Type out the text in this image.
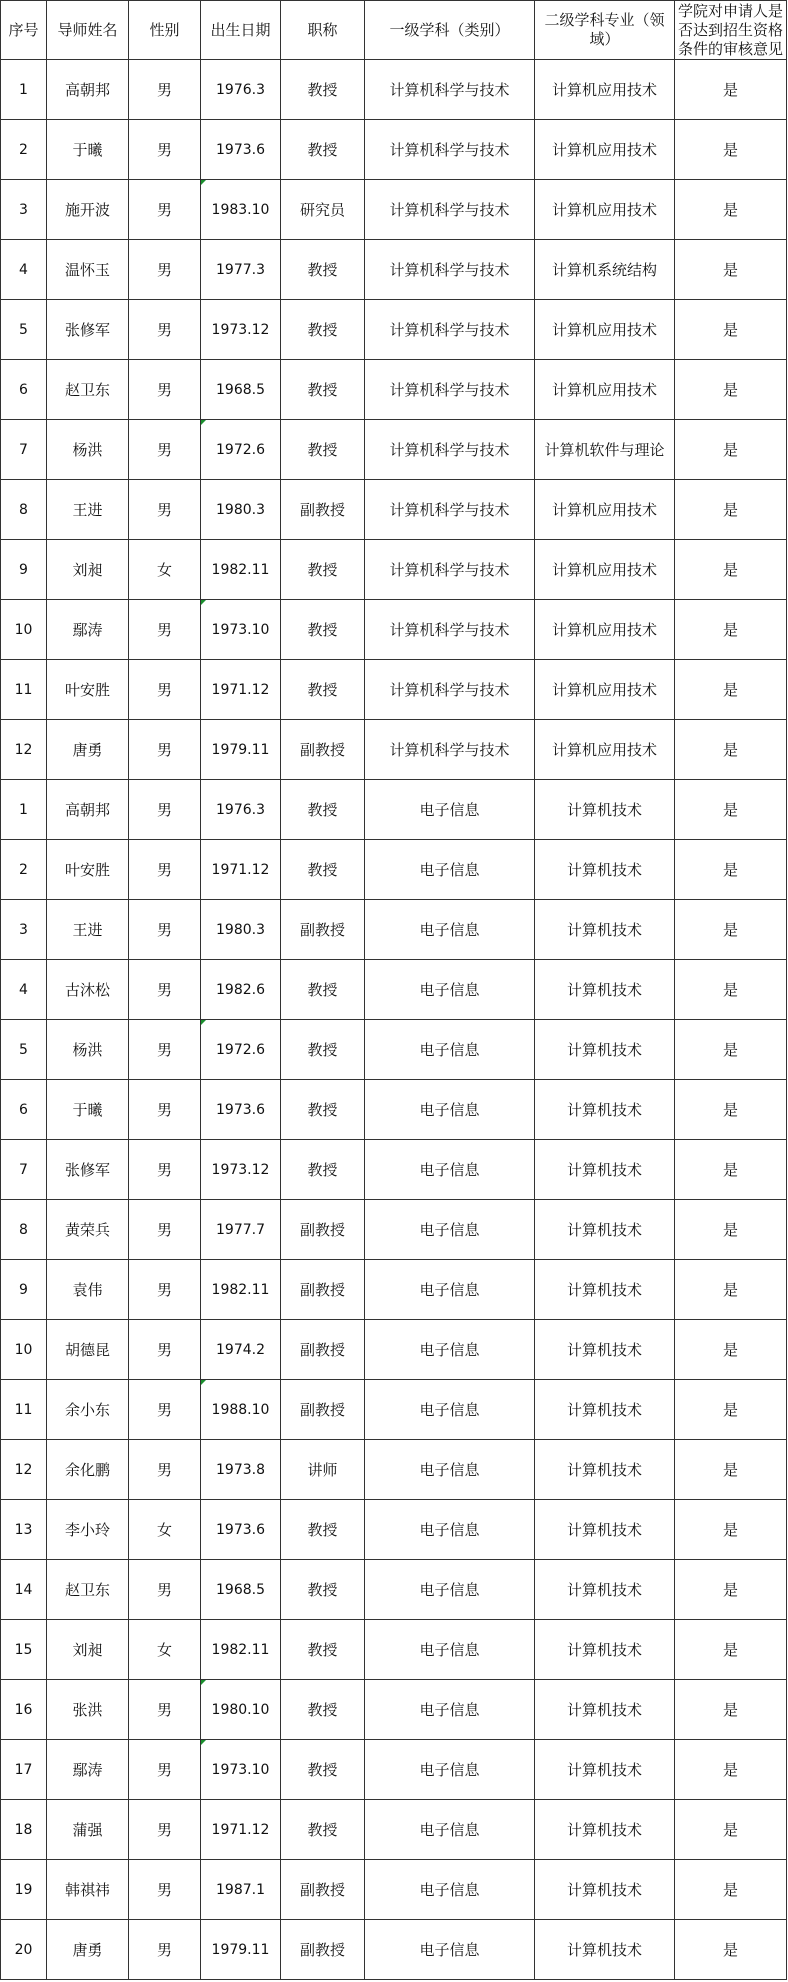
序号	导师姓名	性别	出生日期	职称	一级学科（类别）	二级学科专业（领域）	学院对申请人是否达到招生资格条件的审核意见
1	高朝邦	男	1976.3	教授	计算机科学与技术	计算机应用技术	是
2	于曦	男	1973.6	教授	计算机科学与技术	计算机应用技术	是
3	施开波	男	1983.10	研究员	计算机科学与技术	计算机应用技术	是
4	温怀玉	男	1977.3	教授	计算机科学与技术	计算机系统结构	是
5	张修军	男	1973.12	教授	计算机科学与技术	计算机应用技术	是
6	赵卫东	男	1968.5	教授	计算机科学与技术	计算机应用技术	是
7	杨洪	男	1972.6	教授	计算机科学与技术	计算机软件与理论	是
8	王进	男	1980.3	副教授	计算机科学与技术	计算机应用技术	是
9	刘昶	女	1982.11	教授	计算机科学与技术	计算机应用技术	是
10	鄢涛	男	1973.10	教授	计算机科学与技术	计算机应用技术	是
11	叶安胜	男	1971.12	教授	计算机科学与技术	计算机应用技术	是
12	唐勇	男	1979.11	副教授	计算机科学与技术	计算机应用技术	是
1	高朝邦	男	1976.3	教授	电子信息	计算机技术	是
2	叶安胜	男	1971.12	教授	电子信息	计算机技术	是
3	王进	男	1980.3	副教授	电子信息	计算机技术	是
4	古沐松	男	1982.6	教授	电子信息	计算机技术	是
5	杨洪	男	1972.6	教授	电子信息	计算机技术	是
6	于曦	男	1973.6	教授	电子信息	计算机技术	是
7	张修军	男	1973.12	教授	电子信息	计算机技术	是
8	黄荣兵	男	1977.7	副教授	电子信息	计算机技术	是
9	袁伟	男	1982.11	副教授	电子信息	计算机技术	是
10	胡德昆	男	1974.2	副教授	电子信息	计算机技术	是
11	余小东	男	1988.10	副教授	电子信息	计算机技术	是
12	余化鹏	男	1973.8	讲师	电子信息	计算机技术	是
13	李小玲	女	1973.6	教授	电子信息	计算机技术	是
14	赵卫东	男	1968.5	教授	电子信息	计算机技术	是
15	刘昶	女	1982.11	教授	电子信息	计算机技术	是
16	张洪	男	1980.10	教授	电子信息	计算机技术	是
17	鄢涛	男	1973.10	教授	电子信息	计算机技术	是
18	蒲强	男	1971.12	教授	电子信息	计算机技术	是
19	韩祺祎	男	1987.1	副教授	电子信息	计算机技术	是
20	唐勇	男	1979.11	副教授	电子信息	计算机技术	是
